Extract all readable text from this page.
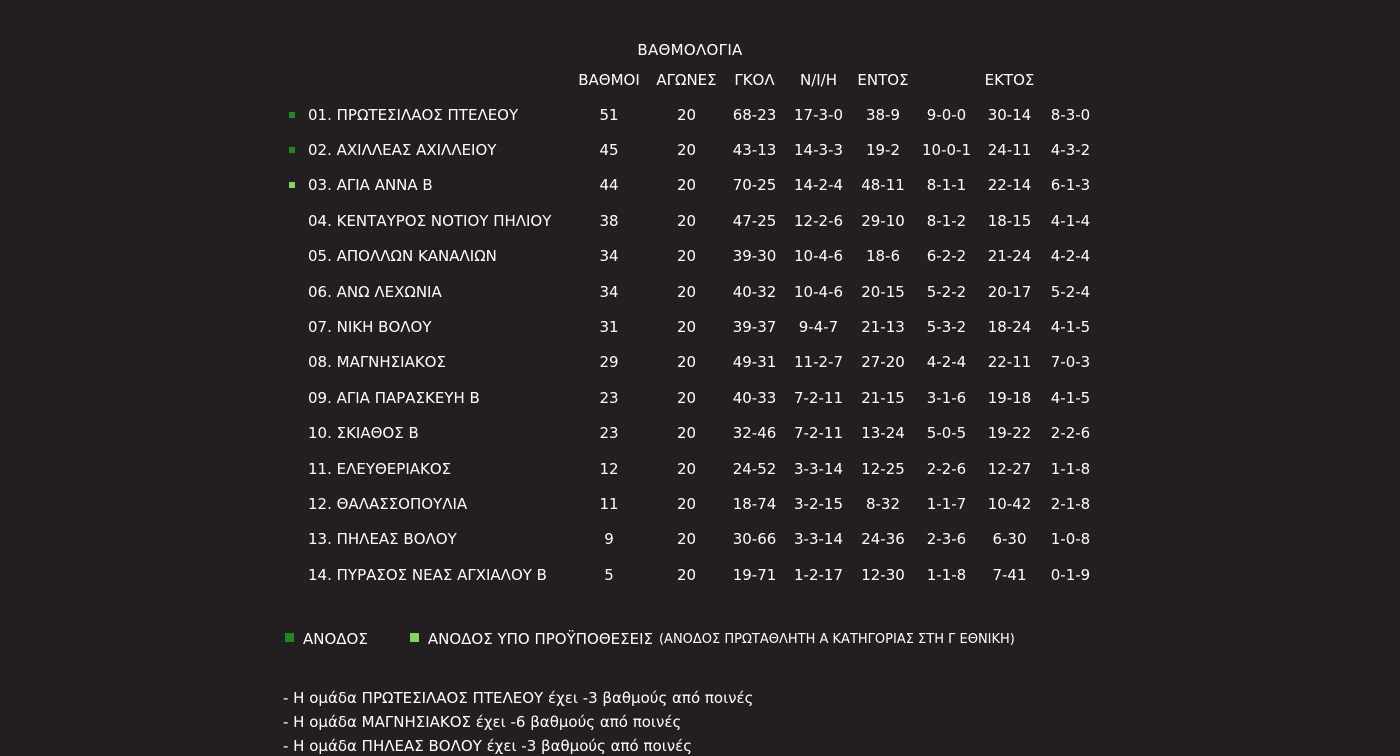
ΒΑΘΜΟΛΟΓΙΑ
	ΒΑΘΜΟΙ	ΑΓΩΝΕΣ	ΓΚΟΛ	Ν/Ι/Η	ΕΝΤΟΣ		ΕΚΤΟΣ	

01. ΠΡΩΤΕΣΙΛΑΟΣ ΠΤΕΛΕΟΥ	51	20	68-23	17-3-0	38-9	9-0-0	30-14	8-3-0

02. ΑΧΙΛΛΕΑΣ ΑΧΙΛΛΕΙΟΥ	45	20	43-13	14-3-3	19-2	10-0-1	24-11	4-3-2

03. ΑΓΙΑ ΑΝΝΑ Β	44	20	70-25	14-2-4	48-11	8-1-1	22-14	6-1-3
04. ΚΕΝΤΑΥΡΟΣ ΝΟΤΙΟΥ ΠΗΛΙΟΥ	38	20	47-25	12-2-6	29-10	8-1-2	18-15	4-1-4
05. ΑΠΟΛΛΩΝ ΚΑΝΑΛΙΩΝ	34	20	39-30	10-4-6	18-6	6-2-2	21-24	4-2-4
06. ΑΝΩ ΛΕΧΩΝΙΑ	34	20	40-32	10-4-6	20-15	5-2-2	20-17	5-2-4
07. ΝΙΚΗ ΒΟΛΟΥ	31	20	39-37	9-4-7	21-13	5-3-2	18-24	4-1-5
08. ΜΑΓΝΗΣΙΑΚΟΣ	29	20	49-31	11-2-7	27-20	4-2-4	22-11	7-0-3
09. ΑΓΙΑ ΠΑΡΑΣΚΕΥΗ Β	23	20	40-33	7-2-11	21-15	3-1-6	19-18	4-1-5
10. ΣΚΙΑΘΟΣ Β	23	20	32-46	7-2-11	13-24	5-0-5	19-22	2-2-6
11. ΕΛΕΥΘΕΡΙΑΚΟΣ	12	20	24-52	3-3-14	12-25	2-2-6	12-27	1-1-8
12. ΘΑΛΑΣΣΟΠΟΥΛΙΑ	11	20	18-74	3-2-15	8-32	1-1-7	10-42	2-1-8
13. ΠΗΛΕΑΣ ΒΟΛΟΥ	9	20	30-66	3-3-14	24-36	2-3-6	6-30	1-0-8
14. ΠΥΡΑΣΟΣ ΝΕΑΣ ΑΓΧΙΑΛΟΥ Β	5	20	19-71	1-2-17	12-30	1-1-8	7-41	0-1-9
ΑΝΟΔΟΣ	ΑΝΟΔΟΣ ΥΠΟ ΠΡΟΫΠΟΘΕΣΕΙΣ (ΑΝΟΔΟΣ ΠΡΩΤΑΘΛΗΤΗ Α ΚΑΤΗΓΟΡΙΑΣ ΣΤΗ Γ ΕΘΝΙΚΗ)
- Η ομάδα ΠΡΩΤΕΣΙΛΑΟΣ ΠΤΕΛΕΟΥ έχει -3 βαθμούς από ποινές
- Η ομάδα ΜΑΓΝΗΣΙΑΚΟΣ έχει -6 βαθμούς από ποινές
- Η ομάδα ΠΗΛΕΑΣ ΒΟΛΟΥ έχει -3 βαθμούς από ποινές
